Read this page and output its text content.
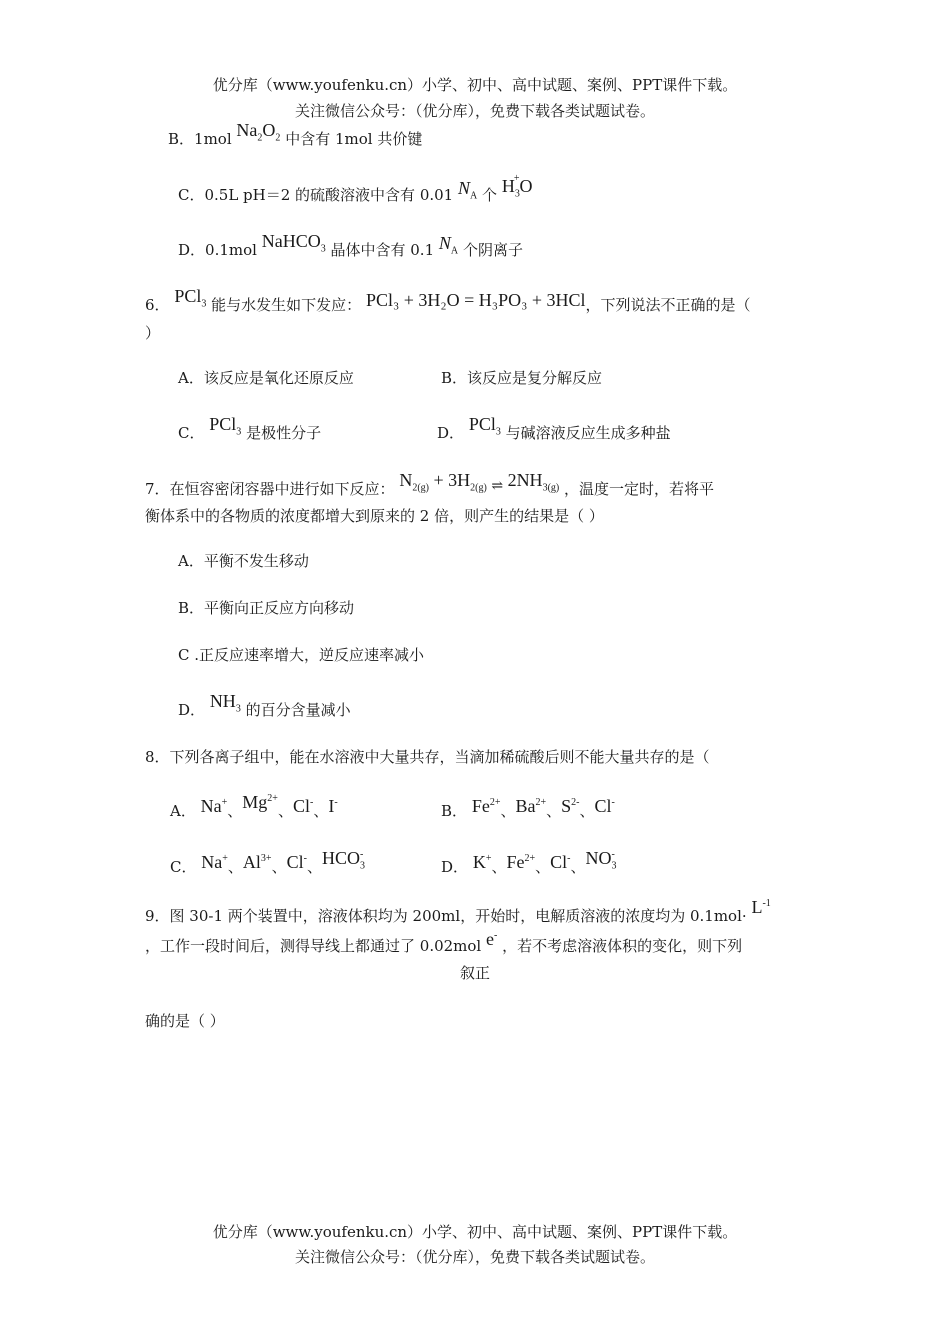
优分库（www.youfenku.cn）小学、初中、高中试题、案例、PPT课件下载。
关注微信公众号：（优分库），免费下载各类试题试卷。
B．1mol $Na_2O_2$ 中含有 1mol 共价键
C．0.5L pH＝2 的硫酸溶液中含有 0.01 $N_A$ 个 $H_3^+O$
D．0.1mol NaHCO$_3$ 晶体中含有 0.1 $N_A$ 个阴离子
6． PCl$_3$ 能与水发生如下发应： PCl₃ + 3H₂O = H₃PO₃ + 3HCl，下列说法不正确的是（
）
A．该反应是氧化还原反应	B．该反应是复分解反应
C． PCl$_3$ 是极性分子	D． PCl$_3$ 与碱溶液反应生成多种盐
7．在恒容密闭容器中进行如下反应： $N_{2(g)} + 3H_{2(g)}$ $_\rightleftharpoons$ $2NH_{3(g)}$ ，温度一定时，若将平
衡体系中的各物质的浓度都增大到原来的 2 倍，则产生的结果是（ ）
A．平衡不发生移动
B．平衡向正反应方向移动
C .正反应速率增大，逆反应速率减小
D． $NH_3$ 的百分含量减小
8．下列各离子组中，能在水溶液中大量共存，当滴加稀硫酸后则不能大量共存的是（
A． Na+、$Mg^{2+}$、Cl-、I-	B． $Fe^{2+}$、$Ba^{2+}$、$S^{2-}$、Cl-
C． Na+、$Al^{3+}$、Cl-、$HCO_3^-$
D． K+、$Fe^{2+}$、Cl-、$NO_3^-$
9．图 30-1 两个装置中，溶液体积均为 200ml，开始时，电解质溶液的浓度均为 $0.1mol\cdot L^{-1}$
，工作一段时间后，测得导线上都通过了 0.02mol e- ，若不考虑溶液体积的变化，则下列
叙正
确的是（ ）
优分库（www.youfenku.cn）小学、初中、高中试题、案例、PPT课件下载。
关注微信公众号：（优分库），免费下载各类试题试卷。
